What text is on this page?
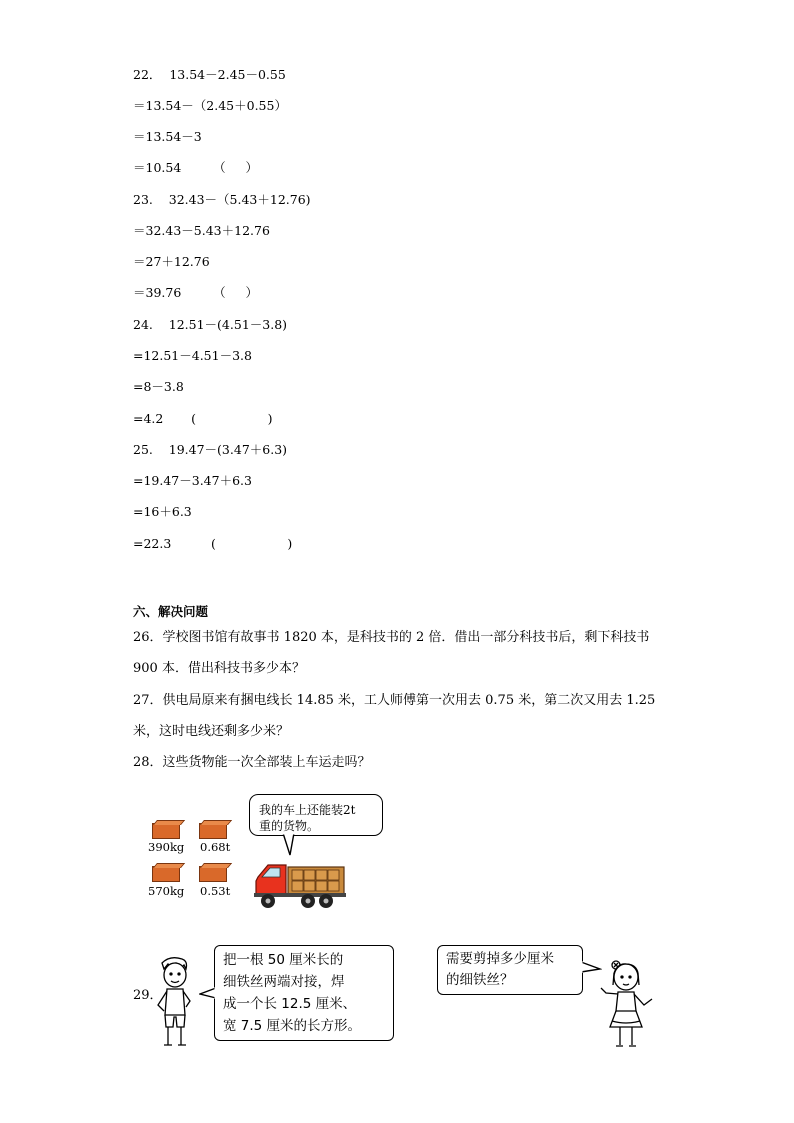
22．  13.54－2.45－0.55
＝13.54－（2.45＋0.55）
＝13.54－3
＝10.54        （     ）
23.    32.43－（5.43＋12.76)
＝32.43－5.43＋12.76
＝27＋12.76
＝39.76        （     ）
24.    12.51－(4.51－3.8)
=12.51－4.51－3.8
=8－3.8
=4.2       (                  )
25.    19.47－(3.47＋6.3)
=19.47－3.47＋6.3
=16＋6.3
=22.3          (                  )
六、解决问题
26．学校图书馆有故事书 1820 本，是科技书的 2 倍．借出一部分科技书后，剩下科技书 900 本．借出科技书多少本？
27．供电局原来有捆电线长 14.85 米，工人师傅第一次用去 0.75 米，第二次又用去 1.25 米，这时电线还剩多少米？
28．这些货物能一次全部装上车运走吗？
390kg 0.68t
570kg 0.53t
我的车上还能装2t
重的货物。
29．
把一根 50 厘米长的
细铁丝两端对接，焊
成一个长 12.5 厘米、
宽 7.5 厘米的长方形。
需要剪掉多少厘米
的细铁丝？
